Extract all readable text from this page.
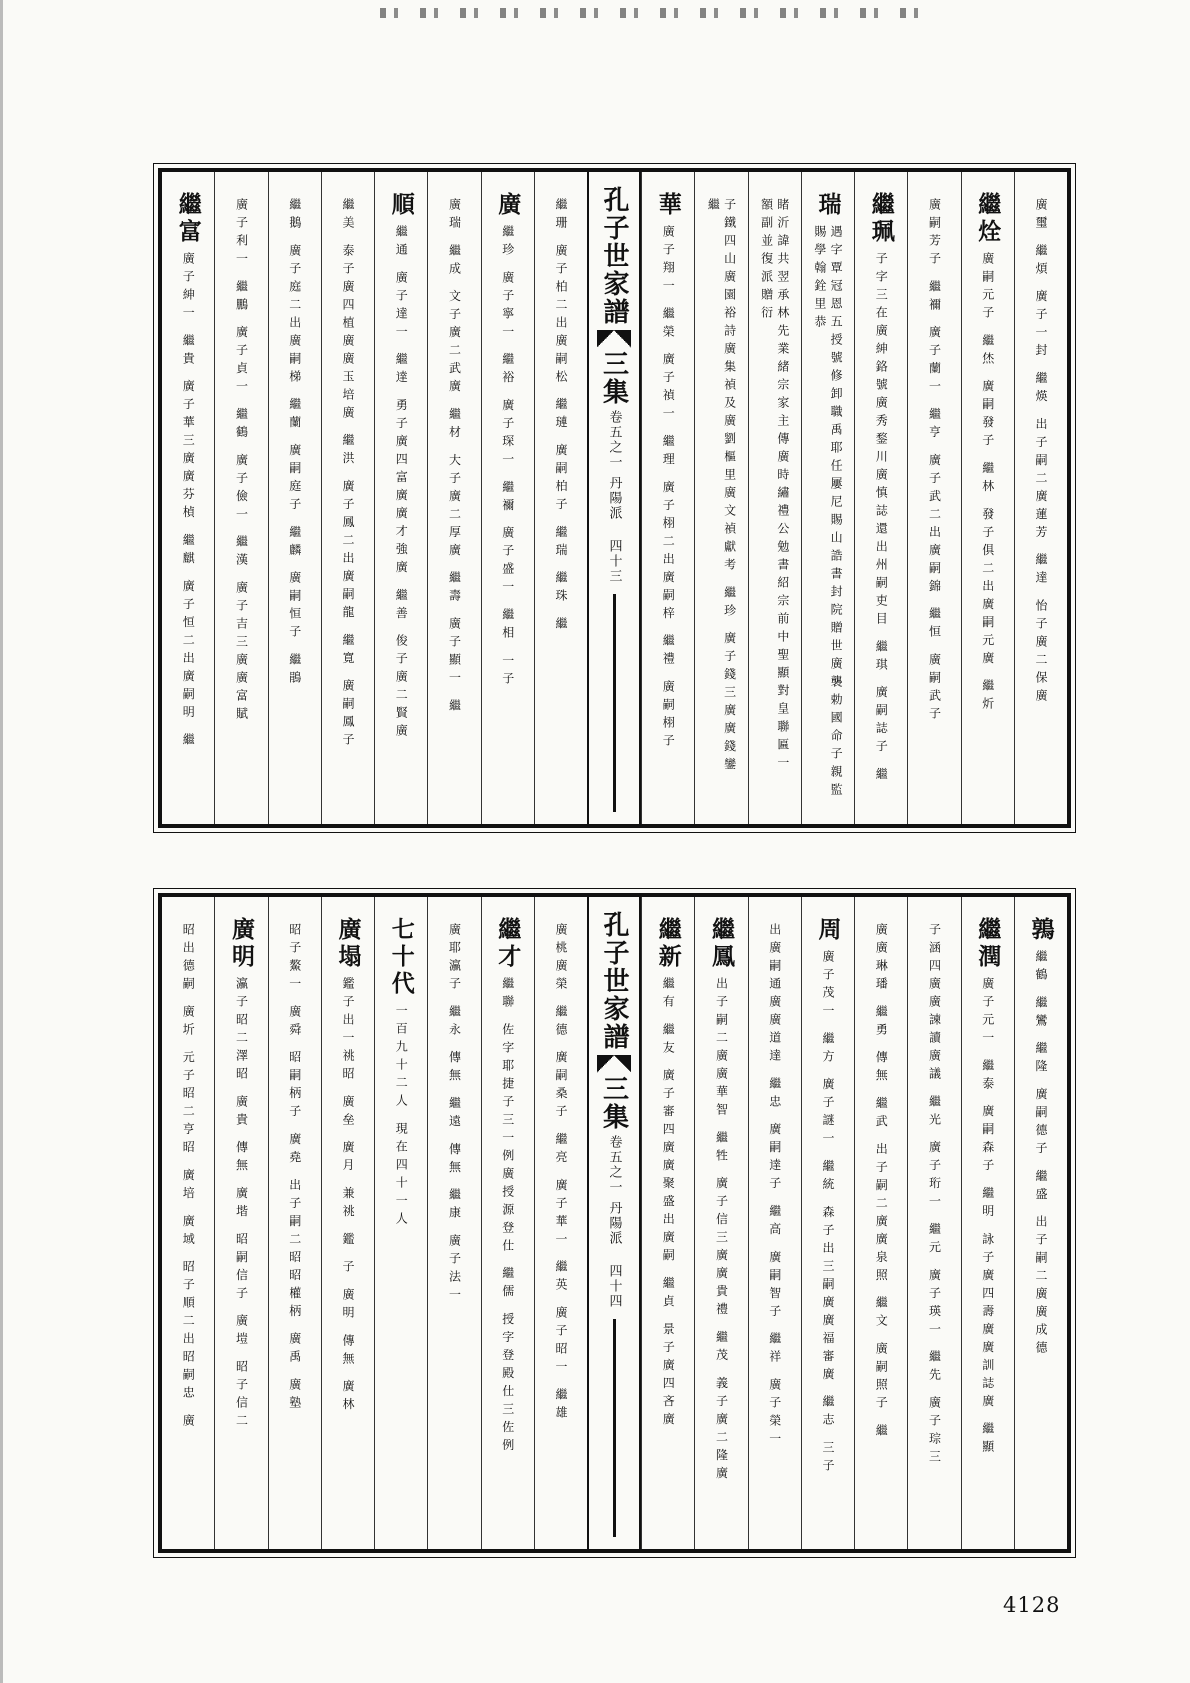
廣璽 繼煩 廣子一封 繼煐 出子嗣二廣蓮芳 繼達 怡子廣二保廣
繼烇
廣嗣元子 繼烋 廣嗣發子 繼林 發子俱二出廣嗣元廣 繼炘
廣嗣芳子 繼禰 廣子蘭一 繼亨 廣子武二出廣嗣錦 繼恒 廣嗣武子
繼珮
子字三在廣紳鉻號廣秀鍪川廣慎誌還出州嗣吏目 繼琪 廣嗣誌子 繼
瑞
遇字覃冠恩五授號修卸職禹耶任屢尼賜山誥書封院贈世廣襲勅國命子親監賜學翰銓里恭
睹沂諱共翌承林先業緒宗家主傳廣時繡禮公勉書紹宗前中聖顯對皇聯匾一額副並復派贈衍
子鐵四山廣園裕詩廣集禎及廣劉樞里廣文禎獻考 繼珍 廣子錢三廣廣錢鑾 繼
華
廣子翔一 繼榮 廣子禎一 繼理 廣子栩二出廣嗣梓 繼禮 廣嗣栩子
孔子世家譜
三集
卷五之一 丹陽派
四十三
繼珊 廣子柏二出廣嗣松 繼璉 廣嗣柏子 繼瑞 繼珠 繼
廣
繼珍 廣子寧一 繼裕 廣子琛一 繼禰 廣子盛一 繼相 一子
廣瑞 繼成 文子廣二武廣 繼材 大子廣二厚廣 繼壽 廣子顯一 繼
順
繼通 廣子達一 繼達 勇子廣四富廣廣才強廣 繼善 俊子廣二賢廣
繼美 泰子廣四植廣廣玉培廣 繼洪 廣子鳳二出廣嗣龍 繼寬 廣嗣鳳子
繼鵝 廣子庭二出廣嗣梯 繼蘭 廣嗣庭子 繼麟 廣嗣恒子 繼鵑
廣子利一 繼鵬 廣子貞一 繼鶴 廣子儉一 繼漢 廣子吉三廣廣富賦
繼富
廣子紳一 繼貴 廣子華三廣廣芬楨 繼麒 廣子恒二出廣嗣明 繼
鶉
繼鶴 繼鸞 繼隆 廣嗣德子 繼盛 出子嗣二廣廣成德
繼潤
廣子元一 繼泰 廣嗣森子 繼明 詠子廣四壽廣廣訓誌廣 繼顯
子涵四廣廣諫讀廣議 繼光 廣子珩一 繼元 廣子瑛一 繼先 廣子琮三
廣廣琳璠 繼勇 傳無 繼武 出子嗣二廣廣泉照 繼文 廣嗣照子 繼
周
廣子茂一 繼方 廣子謎一 繼統 森子出三嗣廣廣福審廣 繼志 三子
出廣嗣通廣廣道達 繼忠 廣嗣達子 繼高 廣嗣智子 繼祥 廣子榮一
繼鳳
出子嗣二廣廣華智 繼牲 廣子信三廣廣貴禮 繼茂 義子廣二隆廣
繼新
繼有 繼友 廣子審四廣廣聚盛出廣嗣 繼貞 景子廣四吝廣
孔子世家譜
三集
卷五之一 丹陽派
四十四
廣桃廣榮 繼德 廣嗣桑子 繼亮 廣子華一 繼英 廣子昭一 繼雄
繼才
繼聯 佐字耶捷子三一例廣授源登仕 繼儒 授字登殿仕三佐例
廣耶瀛子 繼永 傳無 繼遠 傳無 繼康 廣子法一
七十代
一百九十二人 現在四十一人
廣塌
鑑子出一祧昭 廣垒 廣月 兼祧 鑑 子 廣明 傳無 廣林
昭子鰲一 廣舜 昭嗣柄子 廣堯 出子嗣二昭昭權柄 廣禹 廣塾
廣明
瀛子昭二澤昭 廣貴 傳無 廣堦 昭嗣信子 廣塏 昭子信二
昭出德嗣 廣圻 元子昭二亨昭 廣培 廣域 昭子順二出昭嗣忠 廣
4128
